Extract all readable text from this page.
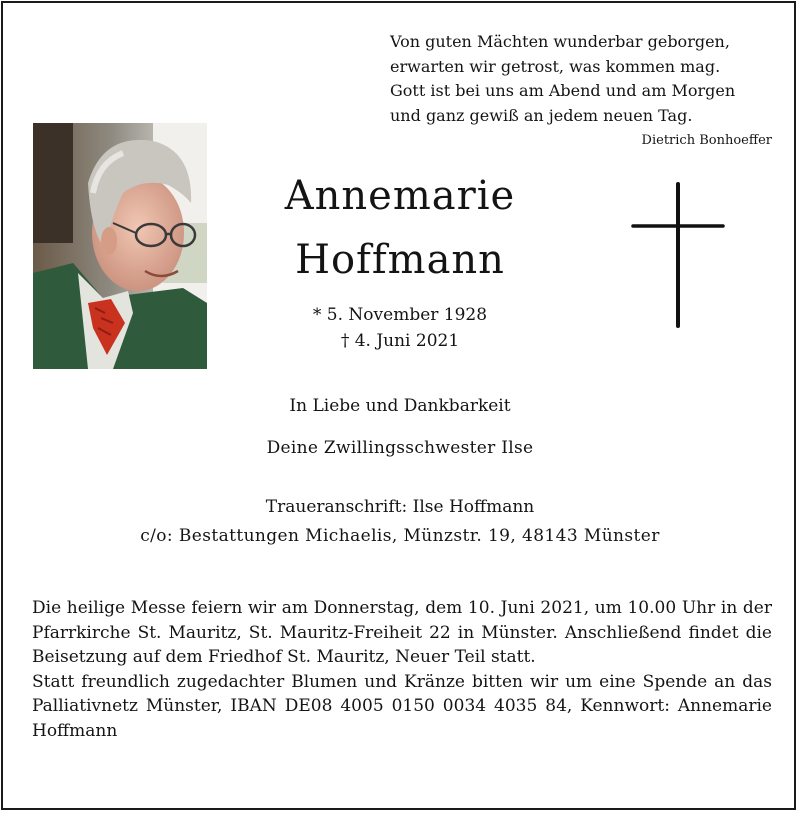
Von guten Mächten wunderbar geborgen,
erwarten wir getrost, was kommen mag.
Gott ist bei uns am Abend und am Morgen
und ganz gewiß an jedem neuen Tag.
Dietrich Bonhoeffer
Annemarie
Hoffmann
* 5. November 1928
† 4. Juni 2021
In Liebe und Dankbarkeit
Deine Zwillingsschwester Ilse
Traueranschrift: Ilse Hoffmann
c/o: Bestattungen Michaelis, Münzstr. 19, 48143 Münster
Die heilige Messe feiern wir am Donnerstag, dem 10. Juni 2021, um 10.00 Uhr in der Pfarrkirche St. Mauritz, St. Mauritz-Freiheit 22 in Münster. Anschließend findet die Beisetzung auf dem Friedhof St. Mauritz, Neuer Teil statt.
Statt freundlich zugedachter Blumen und Kränze bitten wir um eine Spende an das Palliativnetz Münster, IBAN DE08 4005 0150 0034 4035 84, Kennwort: Annemarie Hoffmann
